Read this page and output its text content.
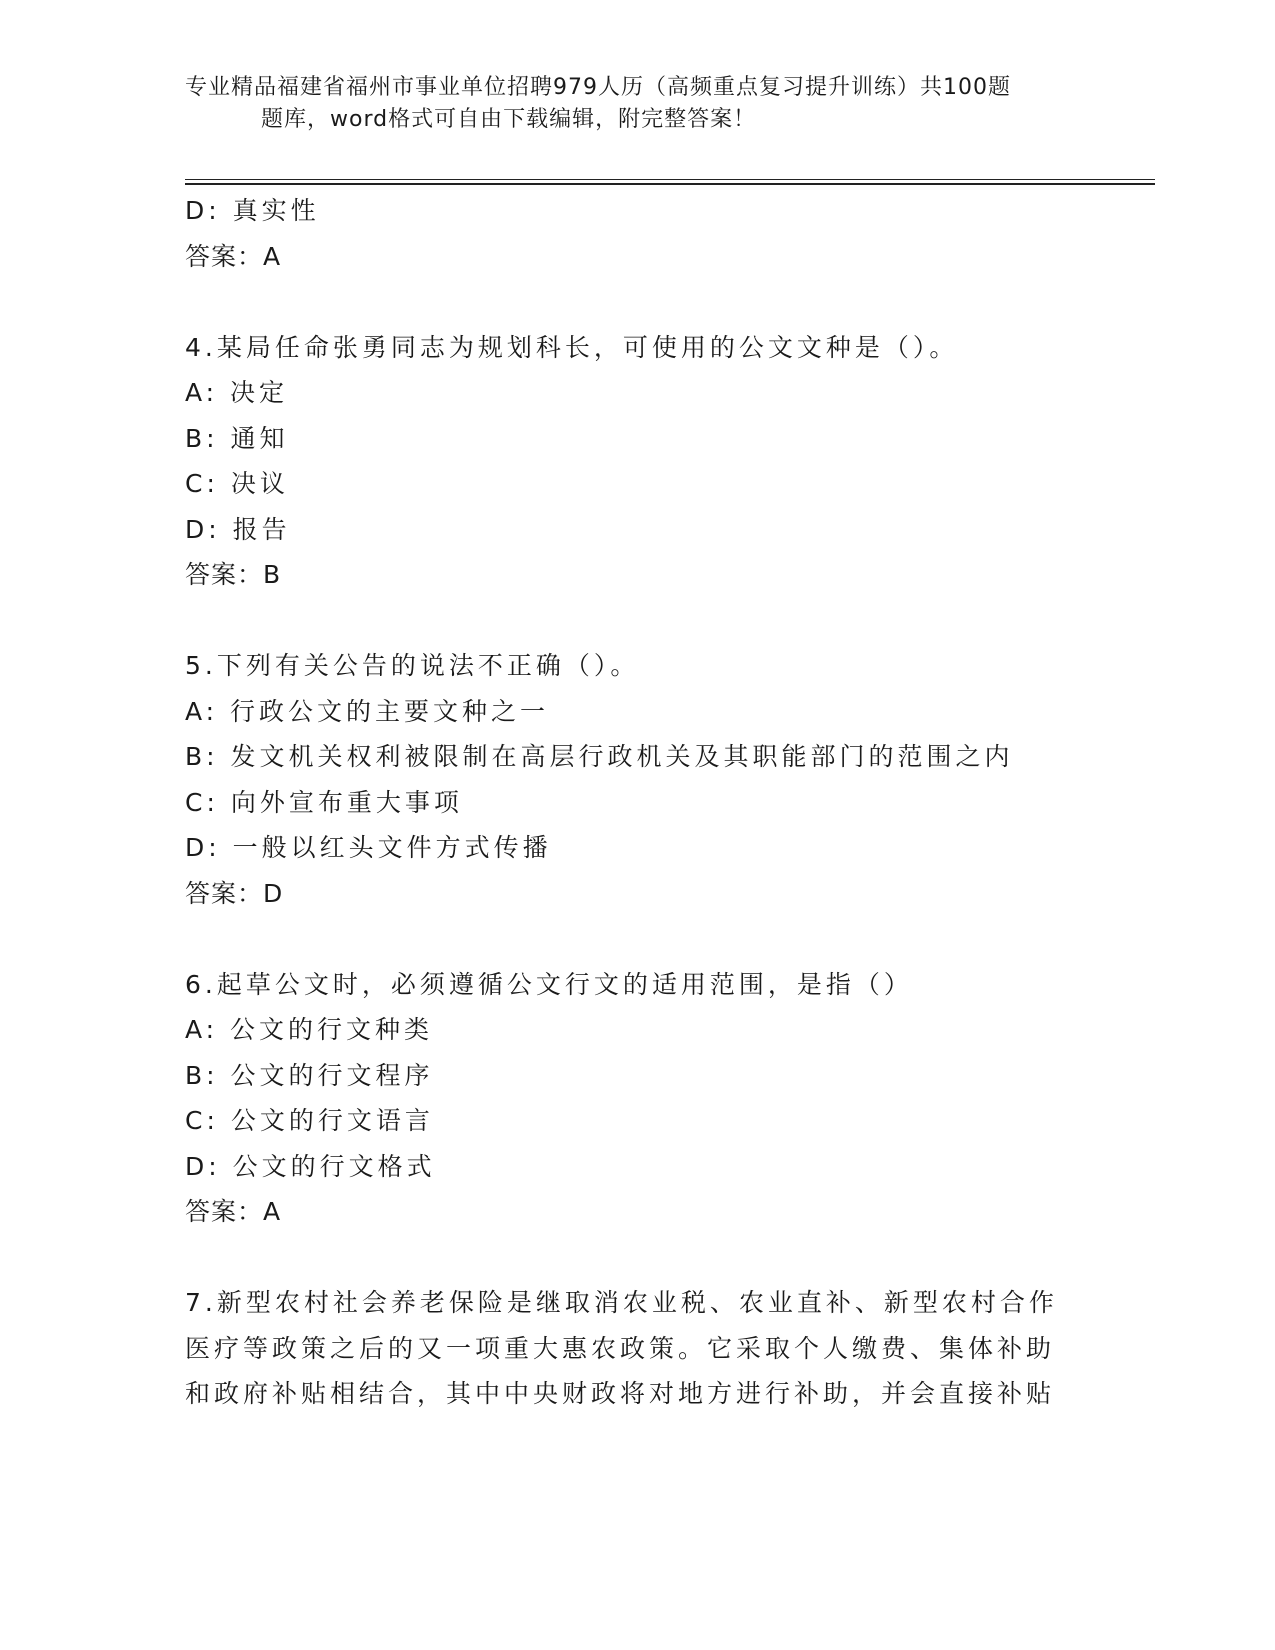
专业精品福建省福州市事业单位招聘979人历（高频重点复习提升训练）共100题
题库，word格式可自由下载编辑，附完整答案！
D: 真实性
答案：A
4.某局任命张勇同志为规划科长，可使用的公文文种是（）。
A: 决定
B: 通知
C: 决议
D: 报告
答案：B
5.下列有关公告的说法不正确（）。
A: 行政公文的主要文种之一
B: 发文机关权利被限制在高层行政机关及其职能部门的范围之内
C: 向外宣布重大事项
D: 一般以红头文件方式传播
答案：D
6.起草公文时，必须遵循公文行文的适用范围，是指（）
A: 公文的行文种类
B: 公文的行文程序
C: 公文的行文语言
D: 公文的行文格式
答案：A
7.新型农村社会养老保险是继取消农业税、农业直补、新型农村合作
医疗等政策之后的又一项重大惠农政策。它采取个人缴费、集体补助
和政府补贴相结合，其中中央财政将对地方进行补助，并会直接补贴
